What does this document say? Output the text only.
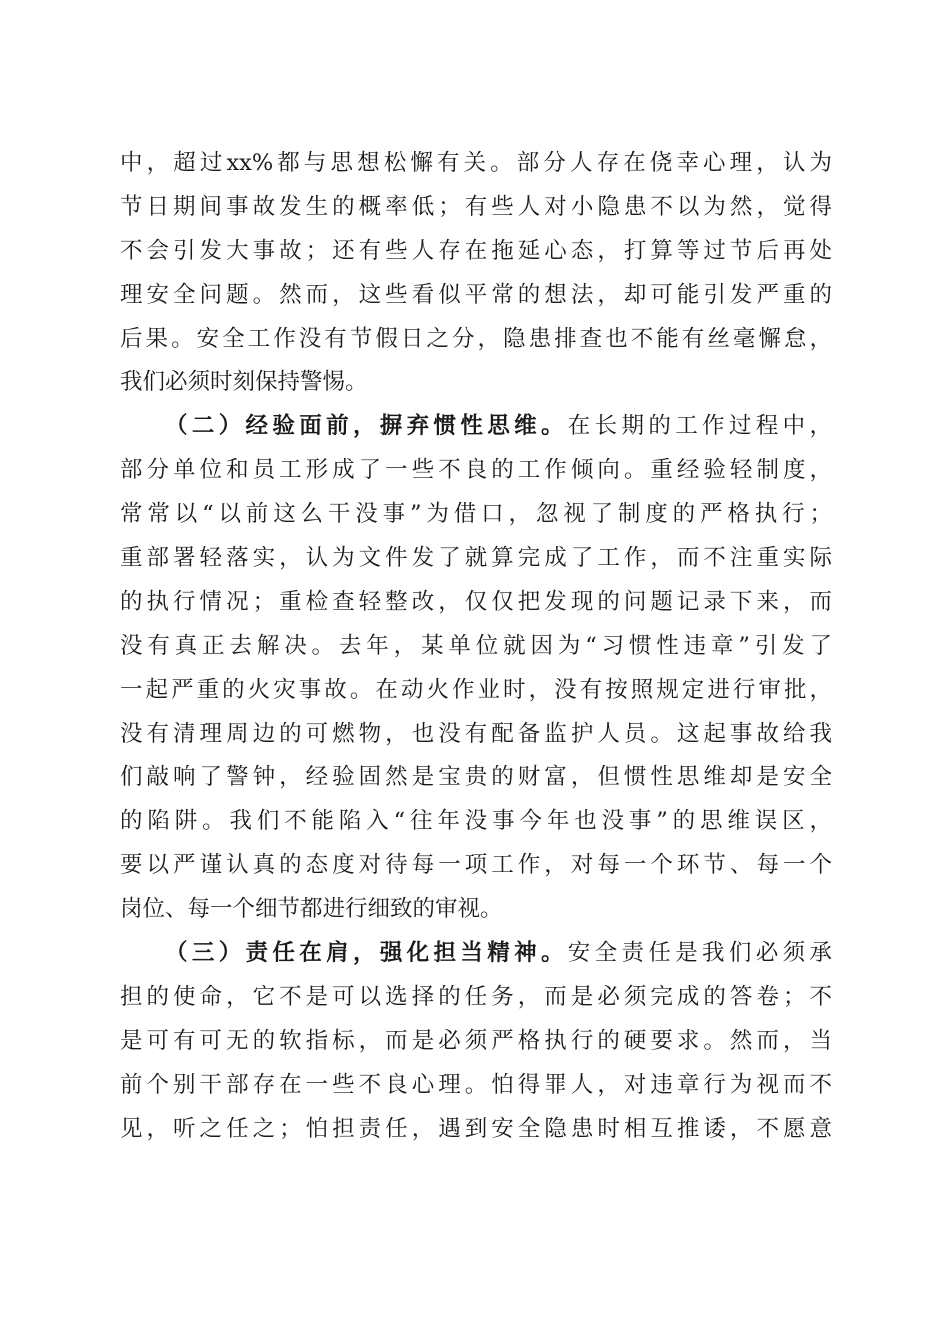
中，超过xx%都与思想松懈有关。部分人存在侥幸心理，认为
节日期间事故发生的概率低；有些人对小隐患不以为然，觉得
不会引发大事故；还有些人存在拖延心态，打算等过节后再处
理安全问题。然而，这些看似平常的想法，却可能引发严重的
后果。安全工作没有节假日之分，隐患排查也不能有丝毫懈怠，
我们必须时刻保持警惕。
（二）经验面前，摒弃惯性思维。在长期的工作过程中，
部分单位和员工形成了一些不良的工作倾向。重经验轻制度，
常常以“以前这么干没事”为借口，忽视了制度的严格执行；
重部署轻落实，认为文件发了就算完成了工作，而不注重实际
的执行情况；重检查轻整改，仅仅把发现的问题记录下来，而
没有真正去解决。去年，某单位就因为“习惯性违章”引发了
一起严重的火灾事故。在动火作业时，没有按照规定进行审批，
没有清理周边的可燃物，也没有配备监护人员。这起事故给我
们敲响了警钟，经验固然是宝贵的财富，但惯性思维却是安全
的陷阱。我们不能陷入“往年没事今年也没事”的思维误区，
要以严谨认真的态度对待每一项工作，对每一个环节、每一个
岗位、每一个细节都进行细致的审视。
（三）责任在肩，强化担当精神。安全责任是我们必须承
担的使命，它不是可以选择的任务，而是必须完成的答卷；不
是可有可无的软指标，而是必须严格执行的硬要求。然而，当
前个别干部存在一些不良心理。怕得罪人，对违章行为视而不
见，听之任之；怕担责任，遇到安全隐患时相互推诿，不愿意
